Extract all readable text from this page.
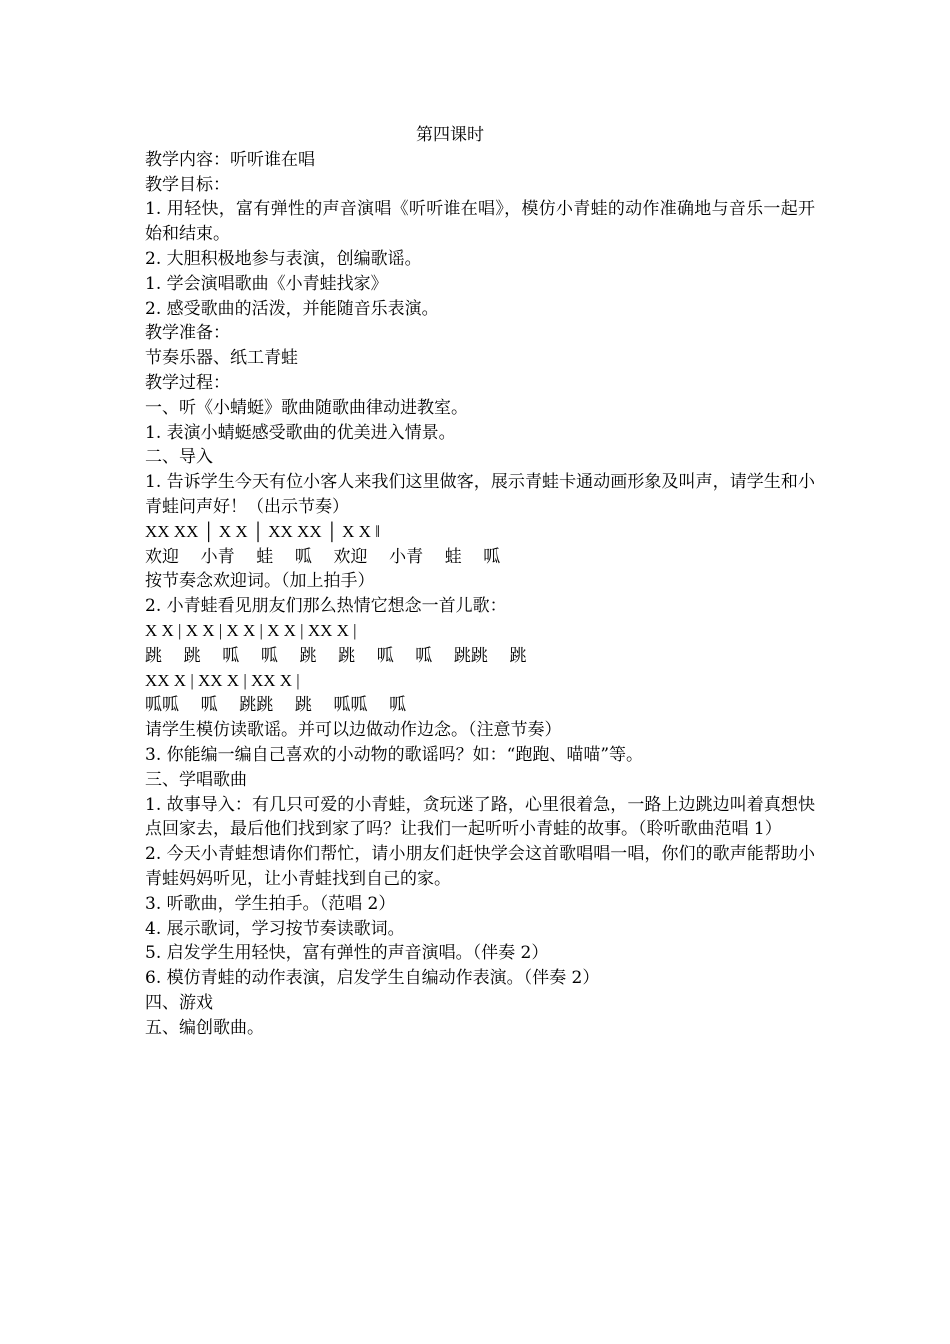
第四课时

教学内容：听听谁在唱

教学目标：

1. 用轻快，富有弹性的声音演唱《听听谁在唱》，模仿小青蛙的动作准确地与音乐一起开始和结束。

2. 大胆积极地参与表演，创编歌谣。

1. 学会演唱歌曲《小青蛙找家》

2. 感受歌曲的活泼，并能随音乐表演。

教学准备：

节奏乐器、纸工青蛙

教学过程：

一、听《小蜻蜓》歌曲随歌曲律动进教室。

1. 表演小蜻蜓感受歌曲的优美进入情景。

二、导入

1. 告诉学生今天有位小客人来我们这里做客，展示青蛙卡通动画形象及叫声，请学生和小青蛙问声好！（出示节奏）

XX XX │ X X │ XX XX │ X X ‖

欢迎    小青    蛙    呱    欢迎    小青    蛙    呱

按节奏念欢迎词。（加上拍手）

2. 小青蛙看见朋友们那么热情它想念一首儿歌：

X X | X X | X X | X X | XX X |

跳    跳    呱    呱    跳    跳    呱    呱    跳跳    跳

XX X | XX X | XX X |

呱呱    呱    跳跳    跳    呱呱    呱

请学生模仿读歌谣。并可以边做动作边念。（注意节奏）

3. 你能编一编自己喜欢的小动物的歌谣吗？如：“跑跑、喵喵”等。

三、学唱歌曲

1. 故事导入：有几只可爱的小青蛙，贪玩迷了路，心里很着急，一路上边跳边叫着真想快点回家去，最后他们找到家了吗？让我们一起听听小青蛙的故事。（聆听歌曲范唱 1）

2. 今天小青蛙想请你们帮忙，请小朋友们赶快学会这首歌唱唱一唱，你们的歌声能帮助小青蛙妈妈听见，让小青蛙找到自己的家。

3. 听歌曲，学生拍手。（范唱 2）

4. 展示歌词，学习按节奏读歌词。

5. 启发学生用轻快，富有弹性的声音演唱。（伴奏 2）

6. 模仿青蛙的动作表演，启发学生自编动作表演。（伴奏 2）

四、游戏

五、编创歌曲。
